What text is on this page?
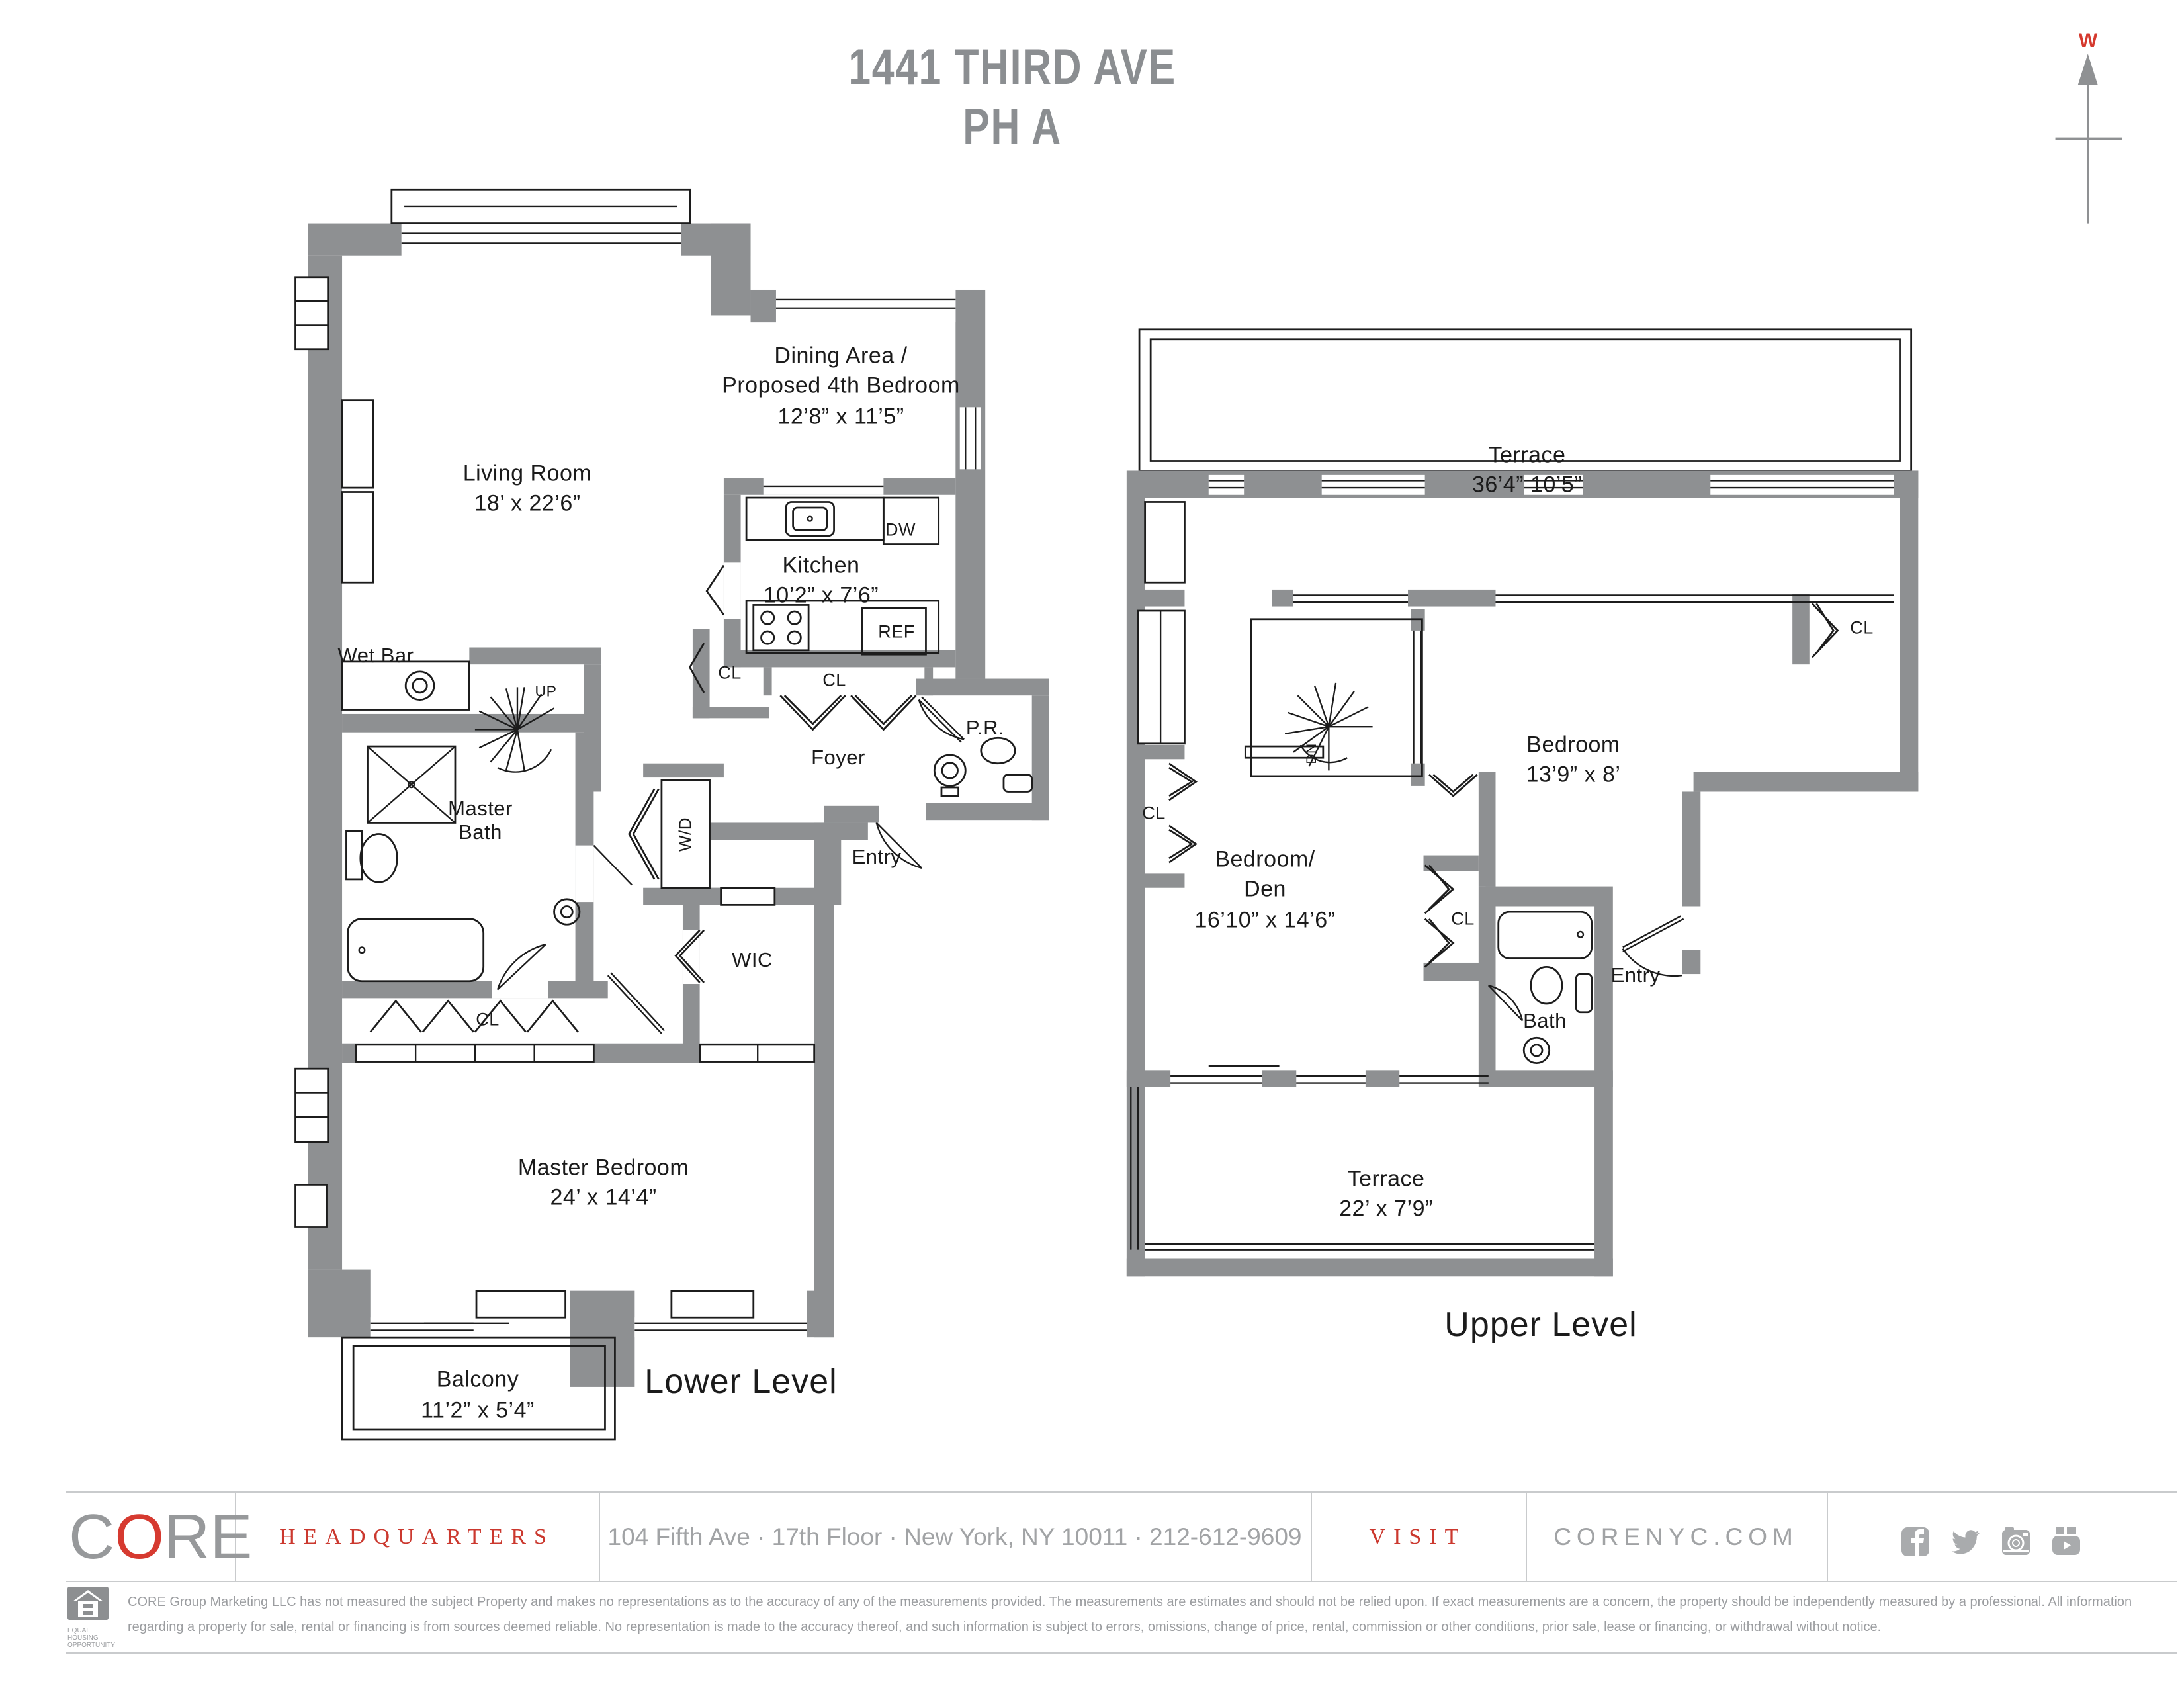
1441 THIRD AVE
PH A
W
Wet Bar
Living Room
18’ x 22’6”
Dining Area /
Proposed 4th Bedroom
12’8” x 11’5”
Kitchen
10’2” x 7’6”
DW
REF
UP
CL	CL
Foyer
P.R.
Master
Bath	W/D
Entry
WIC
CL
Master Bedroom
24’ x 14’4”
Balcony
11’2” x 5’4”
Lower Level
Terrace
36’4” 10’5”
Bedroom
13’9” x 8’
CL
DN
Bedroom/
Den
16’10” x 14’6”	CL
CL
Bath
Entry
Terrace
22’ x 7’9”
Upper Level
CORE HEADQUARTERS 104 Fifth Ave · 17th Floor · New York, NY 10011 · 212-612-9609	VISIT	CORENYC.COM
EQUAL HOUSING
OPPORTUNITY
CORE Group Marketing LLC has not measured the subject Property and makes no representations as to the accuracy of any of the measurements provided. The measurements are estimates and should not be relied upon. If exact measurements are a concern, the property should be independently measured by a professional. All information
regarding a property for sale, rental or financing is from sources deemed reliable. No representation is made to the accuracy thereof, and such information is subject to errors, omissions, change of price, rental, commission or other conditions, prior sale, lease or financing, or withdrawal without notice.
